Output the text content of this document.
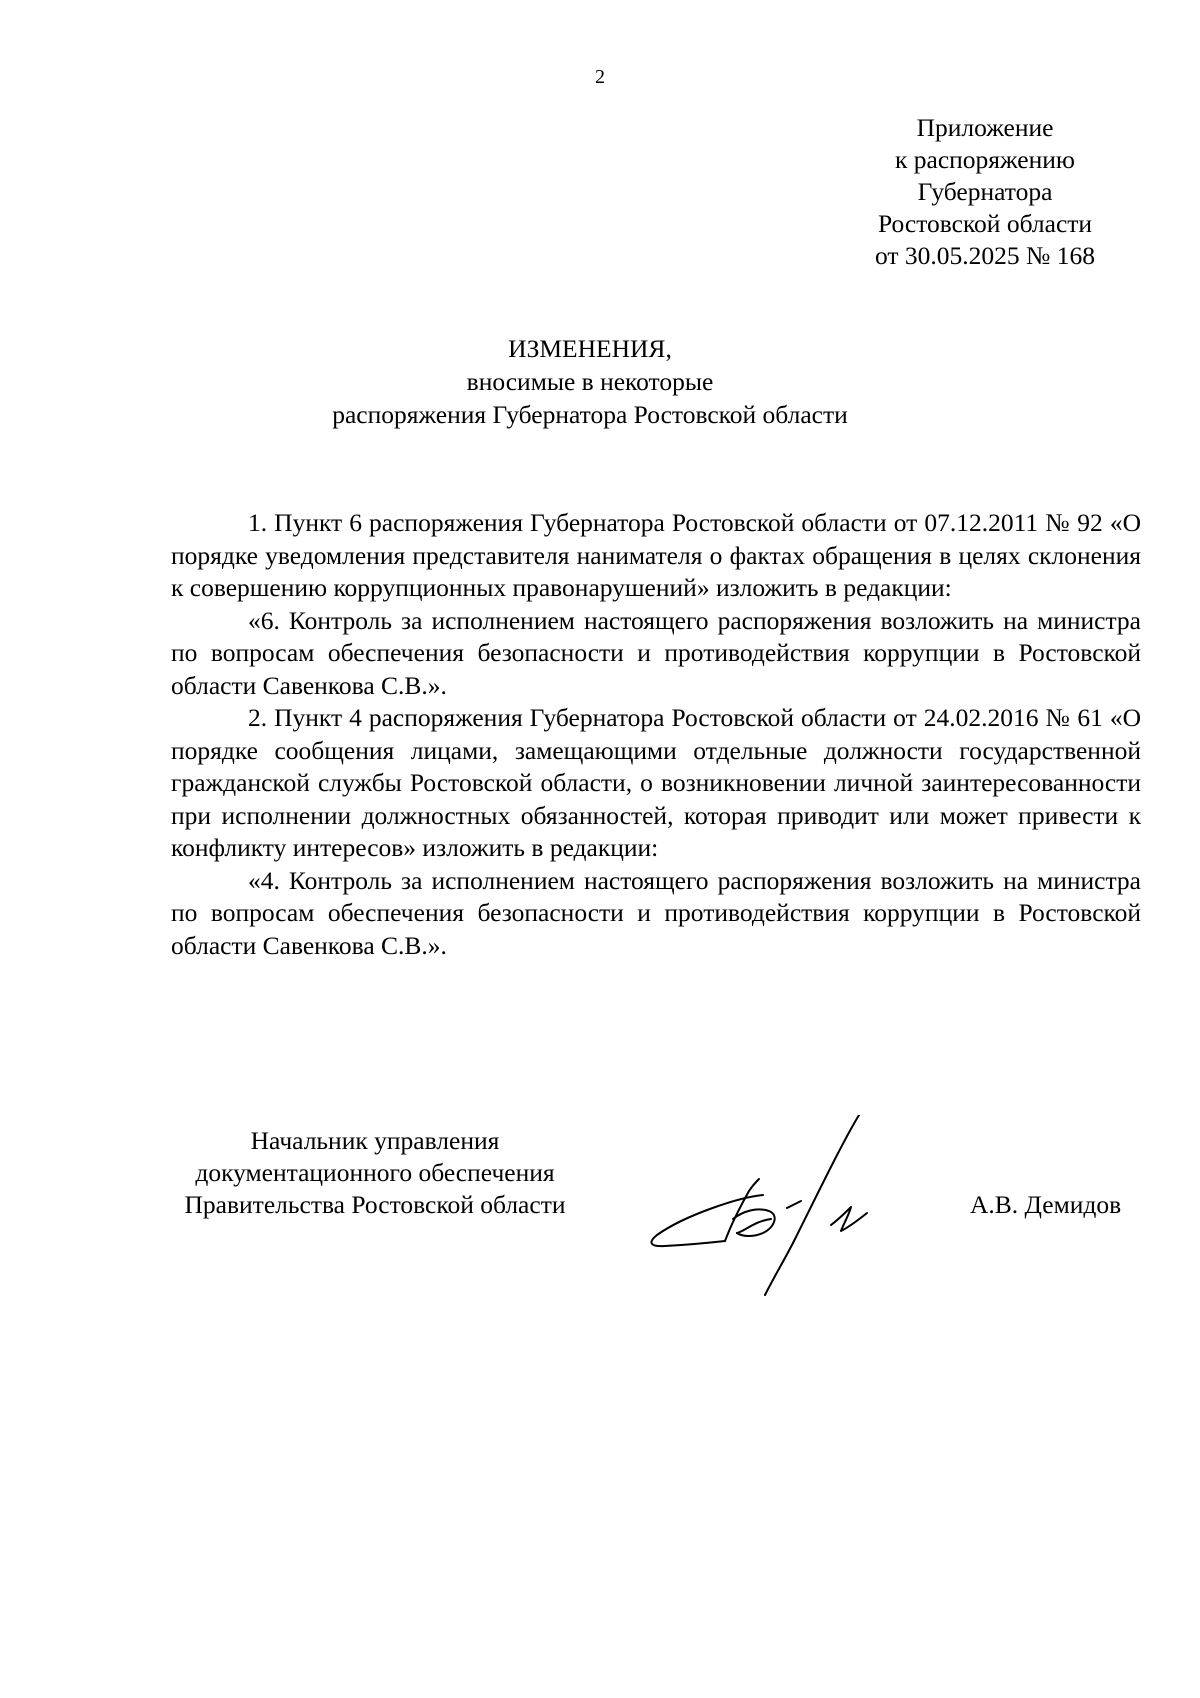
2
Приложение
к распоряжению
Губернатора
Ростовской области
от 30.05.2025 № 168
ИЗМЕНЕНИЯ,
вносимые в некоторые
распоряжения Губернатора Ростовской области

1. Пункт 6 распоряжения Губернатора Ростовской области от 07.12.2011 № 92 «О порядке уведомления представителя нанимателя о фактах обращения в целях склонения к совершению коррупционных правонарушений» изложить в редакции:

«6. Контроль за исполнением настоящего распоряжения возложить на министра по вопросам обеспечения безопасности и противодействия коррупции в Ростовской области Савенкова С.В.».

2. Пункт 4 распоряжения Губернатора Ростовской области от 24.02.2016 № 61 «О порядке сообщения лицами, замещающими отдельные должности государственной гражданской службы Ростовской области, о возникновении личной заинтересованности при исполнении должностных обязанностей, которая приводит или может привести к конфликту интересов» изложить в редакции:

«4. Контроль за исполнением настоящего распоряжения возложить на министра по вопросам обеспечения безопасности и противодействия коррупции в Ростовской области Савенкова С.В.».

Начальник управления
документационного обеспечения
Правительства Ростовской области	А.В. Демидов
